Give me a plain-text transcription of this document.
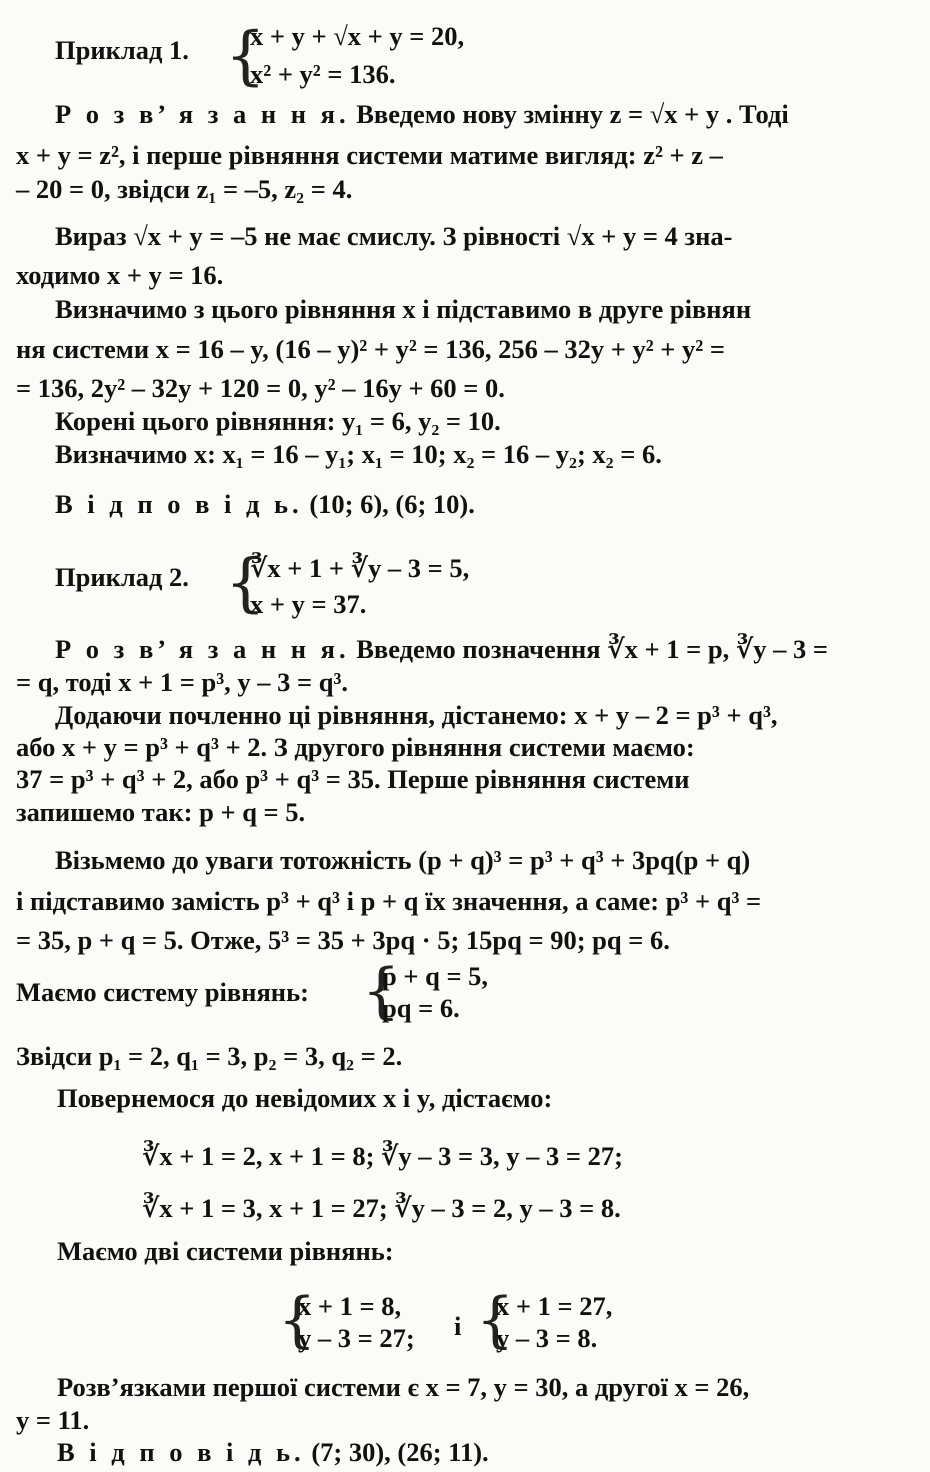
Приклад 1. {
x + y + √x + y = 20,
x² + y² = 136.
Р о з в’ я з а н н я. Введемо нову змінну z = √x + y . Тоді
x + y = z², і перше рівняння системи матиме вигляд: z² + z –
– 20 = 0, звідси z₁ = –5, z₂ = 4.
Вираз √x + y = –5 не має смислу. З рівності √x + y = 4 зна-
ходимо x + y = 16.
Визначимо з цього рівняння x і підставимо в друге рівнян
ня системи x = 16 – y, (16 – y)² + y² = 136, 256 – 32y + y² + y² =
= 136, 2y² – 32y + 120 = 0, y² – 16y + 60 = 0.
Корені цього рівняння: y₁ = 6, y₂ = 10.
Визначимо x: x₁ = 16 – y₁; x₁ = 10; x₂ = 16 – y₂; x₂ = 6.
В і д п о в і д ь. (10; 6), (6; 10).
Приклад 2. {
∛x + 1 + ∛y – 3 = 5,
x + y = 37.
Р о з в’ я з а н н я. Введемо позначення ∛x + 1 = p, ∛y – 3 =
= q, тоді x + 1 = p³, y – 3 = q³.
Додаючи почленно ці рівняння, дістанемо: x + y – 2 = p³ + q³,
або x + y = p³ + q³ + 2. З другого рівняння системи маємо:
37 = p³ + q³ + 2, або p³ + q³ = 35. Перше рівняння системи
запишемо так: p + q = 5.
Візьмемо до уваги тотожність (p + q)³ = p³ + q³ + 3pq(p + q)
і підставимо замість p³ + q³ і p + q їх значення, а саме: p³ + q³ =
= 35, p + q = 5. Отже, 5³ = 35 + 3pq · 5; 15pq = 90; pq = 6.
Маємо систему рівнянь: {
p + q = 5,
pq = 6.
Звідси p₁ = 2, q₁ = 3, p₂ = 3, q₂ = 2.
Повернемося до невідомих x і y, дістаємо:
∛x + 1 = 2, x + 1 = 8; ∛y – 3 = 3, y – 3 = 27;
∛x + 1 = 3, x + 1 = 27; ∛y – 3 = 2, y – 3 = 8.
Маємо дві системи рівнянь:
{
x + 1 = 8,
y – 3 = 27; і {
x + 1 = 27,
y – 3 = 8.
Розв’язками першої системи є x = 7, y = 30, а другої x = 26,
y = 11.
В і д п о в і д ь. (7; 30), (26; 11).
